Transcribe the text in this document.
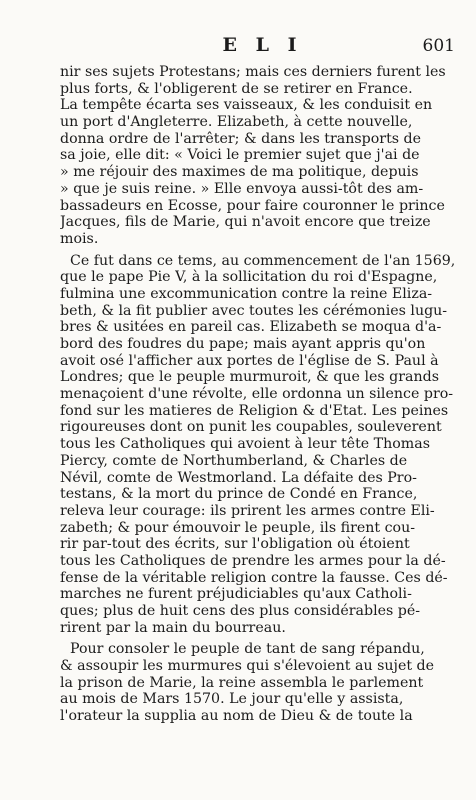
E L I	601
nir ses sujets Protestans; mais ces derniers furent les
plus forts, & l'obligerent de se retirer en France.
La tempête écarta ses vaisseaux, & les conduisit en
un port d'Angleterre. Elizabeth, à cette nouvelle,
donna ordre de l'arrêter; & dans les transports de
sa joie, elle dit: « Voici le premier sujet que j'ai de
» me réjouir des maximes de ma politique, depuis
» que je suis reine. » Elle envoya aussi-tôt des am-
bassadeurs en Ecosse, pour faire couronner le prince
Jacques, fils de Marie, qui n'avoit encore que treize
mois.
Ce fut dans ce tems, au commencement de l'an 1569,
que le pape Pie V, à la sollicitation du roi d'Espagne,
fulmina une excommunication contre la reine Eliza-
beth, & la fit publier avec toutes les cérémonies lugu-
bres & usitées en pareil cas. Elizabeth se moqua d'a-
bord des foudres du pape; mais ayant appris qu'on
avoit osé l'afficher aux portes de l'église de S. Paul à
Londres; que le peuple murmuroit, & que les grands
menaçoient d'une révolte, elle ordonna un silence pro-
fond sur les matieres de Religion & d'Etat. Les peines
rigoureuses dont on punit les coupables, souleverent
tous les Catholiques qui avoient à leur tête Thomas
Piercy, comte de Northumberland, & Charles de
Névil, comte de Westmorland. La défaite des Pro-
testans, & la mort du prince de Condé en France,
releva leur courage: ils prirent les armes contre Eli-
zabeth; & pour émouvoir le peuple, ils firent cou-
rir par-tout des écrits, sur l'obligation où étoient
tous les Catholiques de prendre les armes pour la dé-
fense de la véritable religion contre la fausse. Ces dé-
marches ne furent préjudiciables qu'aux Catholi-
ques; plus de huit cens des plus considérables pé-
rirent par la main du bourreau.
Pour consoler le peuple de tant de sang répandu,
& assoupir les murmures qui s'élevoient au sujet de
la prison de Marie, la reine assembla le parlement
au mois de Mars 1570. Le jour qu'elle y assista,
l'orateur la supplia au nom de Dieu & de toute la
